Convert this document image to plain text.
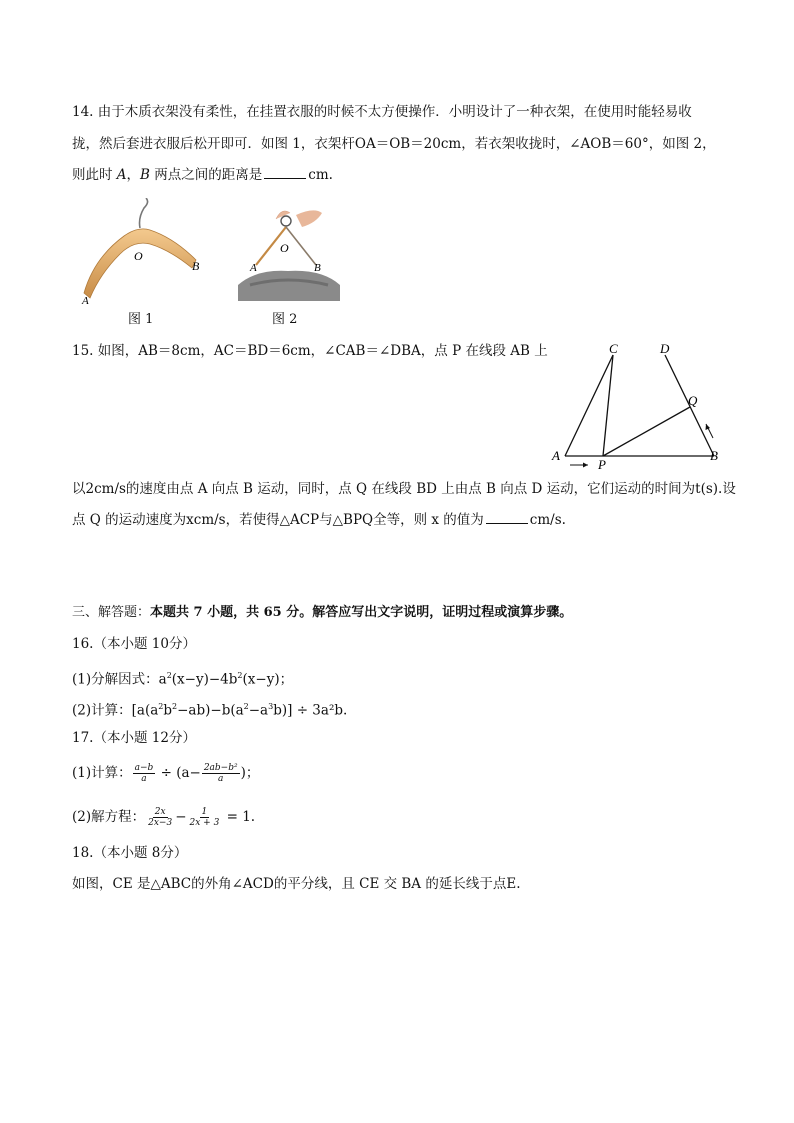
14. 由于木质衣架没有柔性，在挂置衣服的时候不太方便操作．小明设计了一种衣架，在使用时能轻易收
拢，然后套进衣服后松开即可．如图 1，衣架杆OA＝OB＝20cm，若衣架收拢时，∠AOB＝60°，如图 2，
则此时 A，B 两点之间的距离是	cm.
O
B
A
图 1
O
A	B
图 2
15. 如图，AB＝8cm，AC＝BD＝6cm，∠CAB＝∠DBA，点 P 在线段 AB 上	C	D
Q
A
P
B
以2cm/s的速度由点 A 向点 B 运动，同时，点 Q 在线段 BD 上由点 B 向点 D 运动，它们运动的时间为t(s).设
点 Q 的运动速度为xcm/s，若使得△ACP与△BPQ全等，则 x 的值为	cm/s.
三、解答题：本题共 7 小题，共 65 分。解答应写出文字说明，证明过程或演算步骤。
16.（本小题 10分）
(1)分解因式：$a^2(x-y)-4b^2(x-y)$；
(2)计算：$[a(a^2b^2-ab)-b(a^2-a^3b)] \div 3a^2b$.
17.（本小题 12分）
(1)计算： $\frac{a-b}{a} \div (a- \frac{\text{2ab−b²}}{a}$ )；
(2)解方程： $\frac{2x}{2x-3} - \frac{1}{2x + 3} = 1$.
18.（本小题 8分）
如图，CE 是△ABC的外角∠ACD的平分线，且 CE 交 BA 的延长线于点E.
